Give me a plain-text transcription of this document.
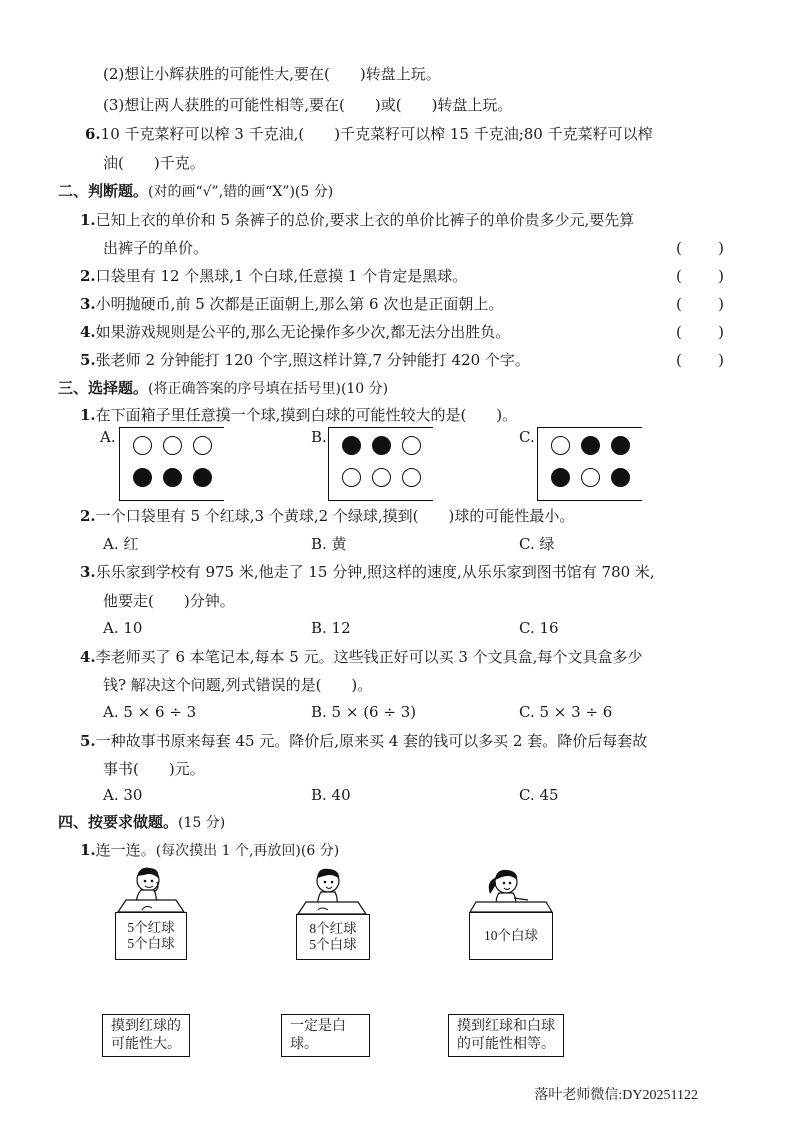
(2)想让小辉获胜的可能性大,要在(　　)转盘上玩。
(3)想让两人获胜的可能性相等,要在(　　)或(　　)转盘上玩。
6.10 千克菜籽可以榨 3 千克油,(　　)千克菜籽可以榨 15 千克油;80 千克菜籽可以榨
油(　　)千克。
二、判断题。(对的画“√”,错的画“X”)(5 分)
1.已知上衣的单价和 5 条裤子的总价,要求上衣的单价比裤子的单价贵多少元,要先算
出裤子的单价。	( )
2.口袋里有 12 个黑球,1 个白球,任意摸 1 个肯定是黑球。	( )
3.小明抛硬币,前 5 次都是正面朝上,那么第 6 次也是正面朝上。	( )
4.如果游戏规则是公平的,那么无论操作多少次,都无法分出胜负。	( )
5.张老师 2 分钟能打 120 个字,照这样计算,7 分钟能打 420 个字。	( )
三、选择题。(将正确答案的序号填在括号里)(10 分)
1.在下面箱子里任意摸一个球,摸到白球的可能性较大的是(　　)。
A.	B.	C.
2.一个口袋里有 5 个红球,3 个黄球,2 个绿球,摸到(　　)球的可能性最小。
A. 红	B. 黄	C. 绿
3.乐乐家到学校有 975 米,他走了 15 分钟,照这样的速度,从乐乐家到图书馆有 780 米,
他要走(　　)分钟。
A. 10	B. 12	C. 16
4.李老师买了 6 本笔记本,每本 5 元。这些钱正好可以买 3 个文具盒,每个文具盒多少
钱? 解决这个问题,列式错误的是(　　)。
A. 5 × 6 ÷ 3	B. 5 × (6 ÷ 3)	C. 5 × 3 ÷ 6
5.一种故事书原来每套 45 元。降价后,原来买 4 套的钱可以多买 2 套。降价后每套故
事书(　　)元。
A. 30	B. 40	C. 45
四、按要求做题。(15 分)
1.连一连。(每次摸出 1 个,再放回)(6 分)
5个红球
5个白球
8个红球
5个白球
10个白球
摸到红球的
可能性大。
一定是白球。
摸到红球和白球
的可能性相等。
落叶老师微信:DY20251122
